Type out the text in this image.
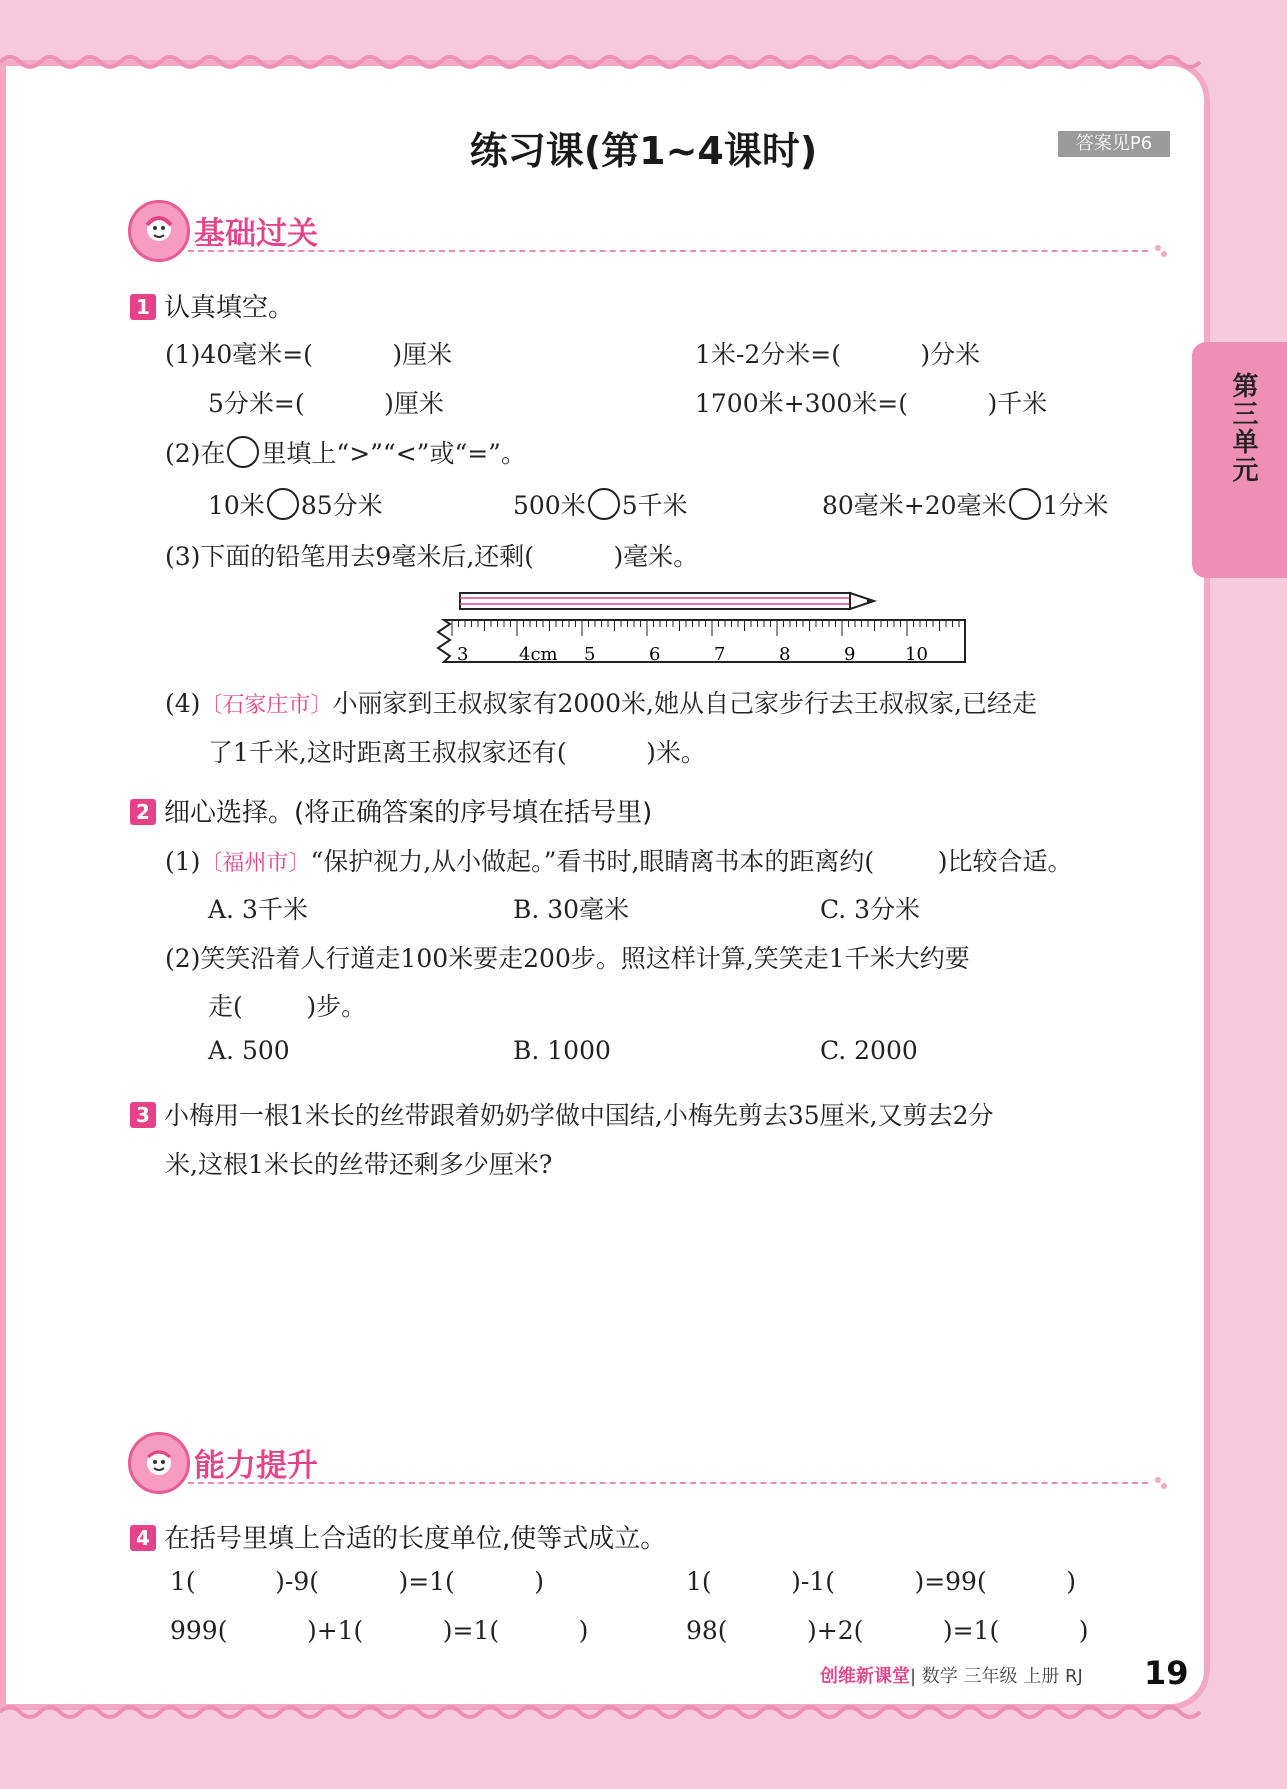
练习课(第1~4课时)	答案见P6
第三单元
基础过关
1 认真填空。
(1)40毫米=(          )厘米	1米-2分米=(          )分米
5分米=(          )厘米	1700米+300米=(          )千米
(2)在 里填上“>”“<”或“=”。
10米 85分米	500米 5千米	80毫米+20毫米 1分米
(3)下面的铅笔用去9毫米后,还剩(          )毫米。
3	4cm 5	6	7	8	9	10
(4)〔石家庄市〕小丽家到王叔叔家有2000米,她从自己家步行去王叔叔家,已经走
了1千米,这时距离王叔叔家还有(          )米。
2 细心选择。(将正确答案的序号填在括号里)
(1)〔福州市〕“保护视力,从小做起。”看书时,眼睛离书本的距离约(        )比较合适。
A. 3千米	B. 30毫米	C. 3分米
(2)笑笑沿着人行道走100米要走200步。照这样计算,笑笑走1千米大约要
走(        )步。
A. 500	B. 1000	C. 2000
3 小梅用一根1米长的丝带跟着奶奶学做中国结,小梅先剪去35厘米,又剪去2分
米,这根1米长的丝带还剩多少厘米?
能力提升
4 在括号里填上合适的长度单位,使等式成立。
1(          )-9(          )=1(          )	1(          )-1(          )=99(          )
999(          )+1(          )=1(          )	98(          )+2(          )=1(          )
创维新课堂| 数学 三年级 上册 RJ 19
